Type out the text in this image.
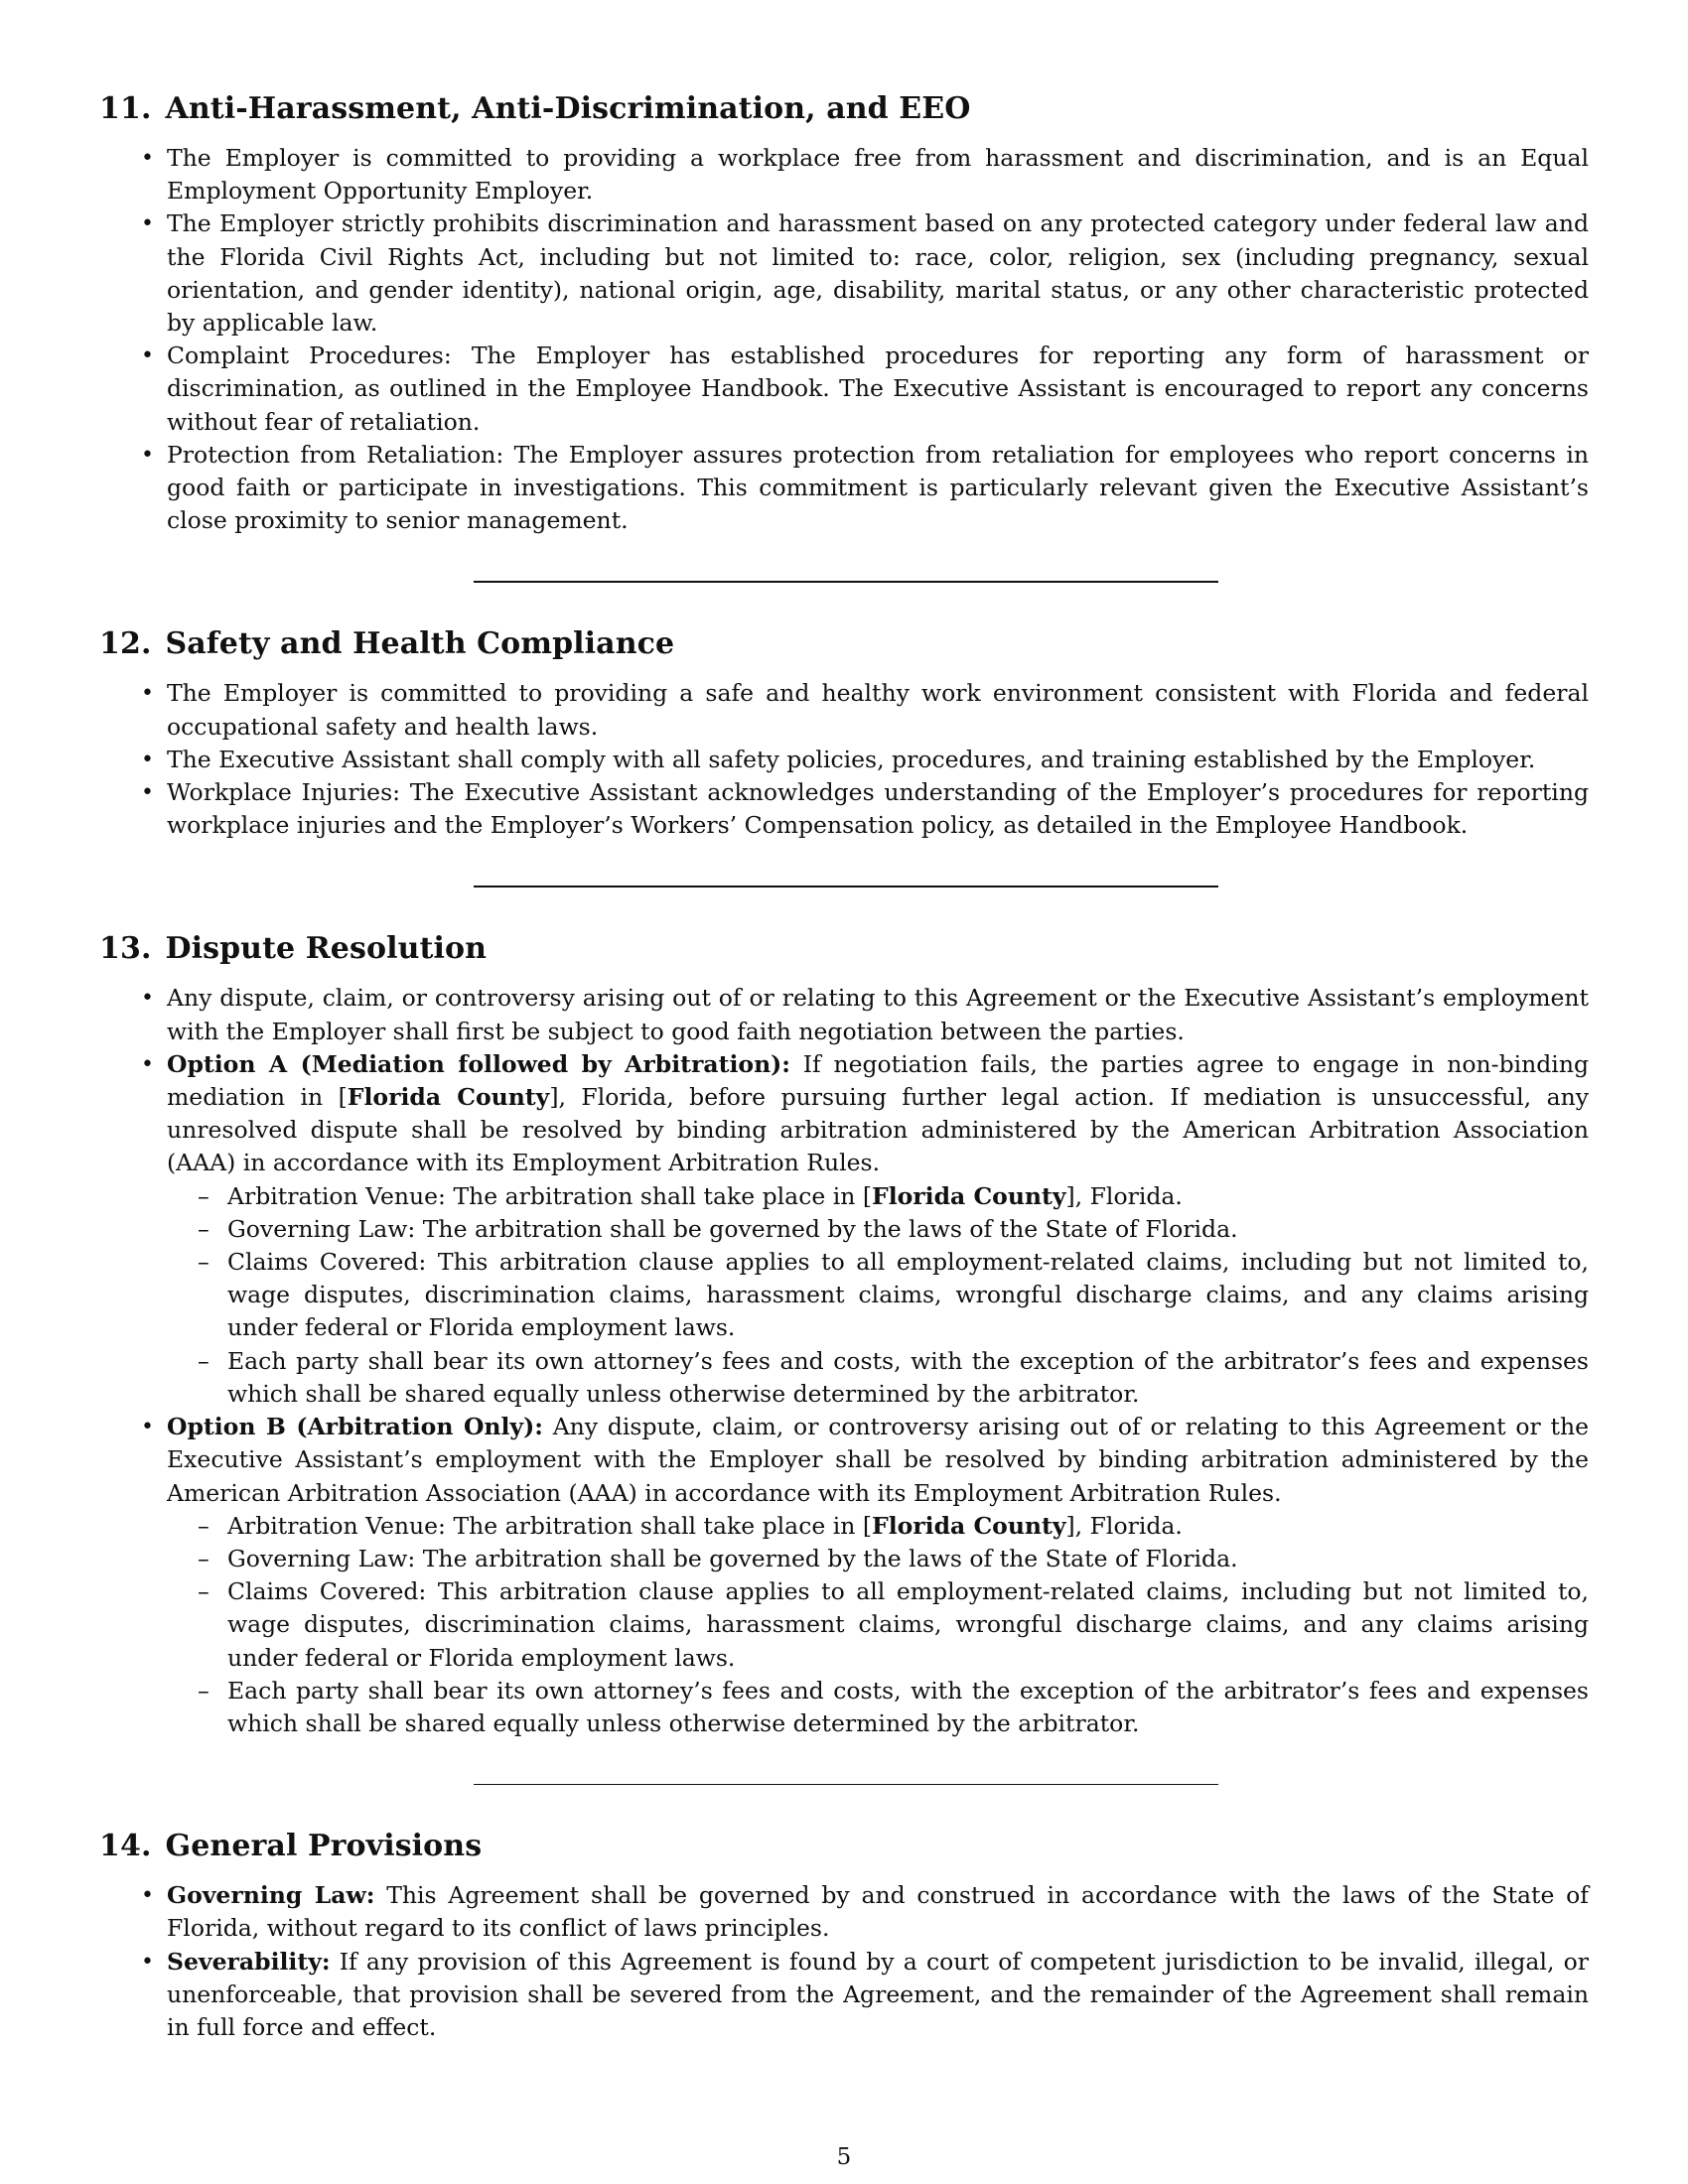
11. Anti-Harassment, Anti-Discrimination, and EEO
• The Employer is committed to providing a workplace free from harassment and discrimination, and is an Equal Employment Opportunity Employer.
• The Employer strictly prohibits discrimination and harassment based on any protected category under federal law and the Florida Civil Rights Act, including but not limited to: race, color, religion, sex (including pregnancy, sexual orientation, and gender identity), national origin, age, disability, marital status, or any other characteristic protected by applicable law.
• Complaint Procedures: The Employer has established procedures for reporting any form of harassment or discrimination, as outlined in the Employee Handbook. The Executive Assistant is encouraged to report any concerns without fear of retaliation.
• Protection from Retaliation: The Employer assures protection from retaliation for employees who report concerns in good faith or participate in investigations. This commitment is particularly relevant given the Executive Assistant’s close proximity to senior management.
12. Safety and Health Compliance
• The Employer is committed to providing a safe and healthy work environment consistent with Florida and federal occupational safety and health laws.
• The Executive Assistant shall comply with all safety policies, procedures, and training established by the Employer.
• Workplace Injuries: The Executive Assistant acknowledges understanding of the Employer’s procedures for reporting workplace injuries and the Employer’s Workers’ Compensation policy, as detailed in the Employee Handbook.
13. Dispute Resolution
• Any dispute, claim, or controversy arising out of or relating to this Agreement or the Executive Assistant’s employment with the Employer shall first be subject to good faith negotiation between the parties.
• Option A (Mediation followed by Arbitration): If negotiation fails, the parties agree to engage in non-binding mediation in [Florida County], Florida, before pursuing further legal action. If mediation is unsuccessful, any unresolved dispute shall be resolved by binding arbitration administered by the American Arbitration Association (AAA) in accordance with its Employment Arbitration Rules.
– Arbitration Venue: The arbitration shall take place in [Florida County], Florida.
– Governing Law: The arbitration shall be governed by the laws of the State of Florida.
– Claims Covered: This arbitration clause applies to all employment-related claims, including but not limited to, wage disputes, discrimination claims, harassment claims, wrongful discharge claims, and any claims arising under federal or Florida employment laws.
– Each party shall bear its own attorney’s fees and costs, with the exception of the arbitrator’s fees and expenses which shall be shared equally unless otherwise determined by the arbitrator.
• Option B (Arbitration Only): Any dispute, claim, or controversy arising out of or relating to this Agreement or the Executive Assistant’s employment with the Employer shall be resolved by binding arbitration administered by the American Arbitration Association (AAA) in accordance with its Employment Arbitration Rules.
– Arbitration Venue: The arbitration shall take place in [Florida County], Florida.
– Governing Law: The arbitration shall be governed by the laws of the State of Florida.
– Claims Covered: This arbitration clause applies to all employment-related claims, including but not limited to, wage disputes, discrimination claims, harassment claims, wrongful discharge claims, and any claims arising under federal or Florida employment laws.
– Each party shall bear its own attorney’s fees and costs, with the exception of the arbitrator’s fees and expenses which shall be shared equally unless otherwise determined by the arbitrator.
14. General Provisions
• Governing Law: This Agreement shall be governed by and construed in accordance with the laws of the State of Florida, without regard to its conflict of laws principles.
• Severability: If any provision of this Agreement is found by a court of competent jurisdiction to be invalid, illegal, or unenforceable, that provision shall be severed from the Agreement, and the remainder of the Agreement shall remain in full force and effect.
5
